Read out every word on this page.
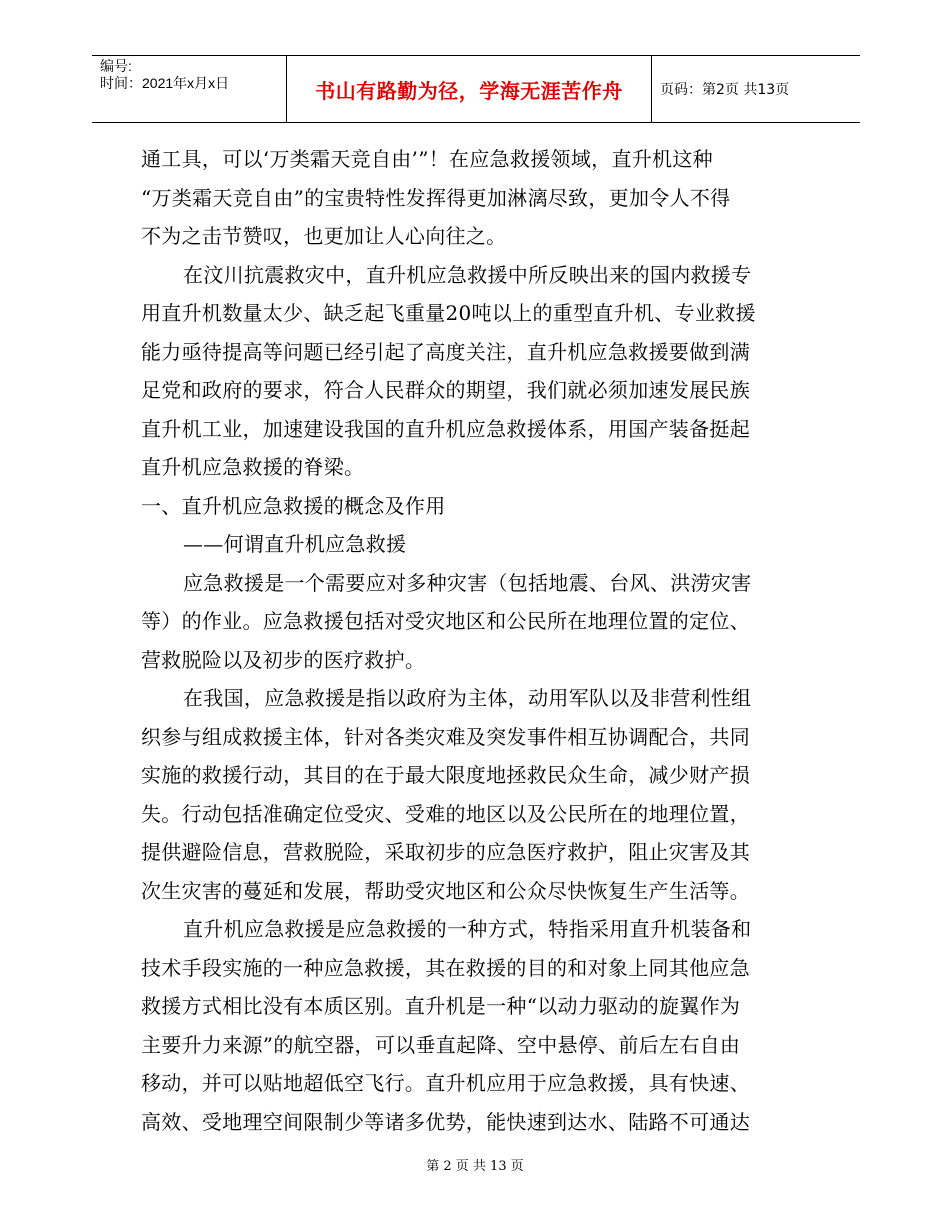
编号:
时间：2021年x月x日	书山有路勤为径，学海无涯苦作舟	页码：第2页 共13页
通工具，可以‘万类霜天竞自由’”！在应急救援领域，直升机这种
“万类霜天竞自由”的宝贵特性发挥得更加淋漓尽致，更加令人不得
不为之击节赞叹，也更加让人心向往之。
在汶川抗震救灾中，直升机应急救援中所反映出来的国内救援专
用直升机数量太少、缺乏起飞重量20吨以上的重型直升机、专业救援
能力亟待提高等问题已经引起了高度关注，直升机应急救援要做到满
足党和政府的要求，符合人民群众的期望，我们就必须加速发展民族
直升机工业，加速建设我国的直升机应急救援体系，用国产装备挺起
直升机应急救援的脊梁。
一、直升机应急救援的概念及作用
——何谓直升机应急救援
应急救援是一个需要应对多种灾害（包括地震、台风、洪涝灾害
等）的作业。应急救援包括对受灾地区和公民所在地理位置的定位、
营救脱险以及初步的医疗救护。
在我国，应急救援是指以政府为主体，动用军队以及非营利性组
织参与组成救援主体，针对各类灾难及突发事件相互协调配合，共同
实施的救援行动，其目的在于最大限度地拯救民众生命，减少财产损
失。行动包括准确定位受灾、受难的地区以及公民所在的地理位置，
提供避险信息，营救脱险，采取初步的应急医疗救护，阻止灾害及其
次生灾害的蔓延和发展，帮助受灾地区和公众尽快恢复生产生活等。
直升机应急救援是应急救援的一种方式，特指采用直升机装备和
技术手段实施的一种应急救援，其在救援的目的和对象上同其他应急
救援方式相比没有本质区别。直升机是一种“以动力驱动的旋翼作为
主要升力来源”的航空器，可以垂直起降、空中悬停、前后左右自由
移动，并可以贴地超低空飞行。直升机应用于应急救援，具有快速、
高效、受地理空间限制少等诸多优势，能快速到达水、陆路不可通达
第 2 页 共 13 页
